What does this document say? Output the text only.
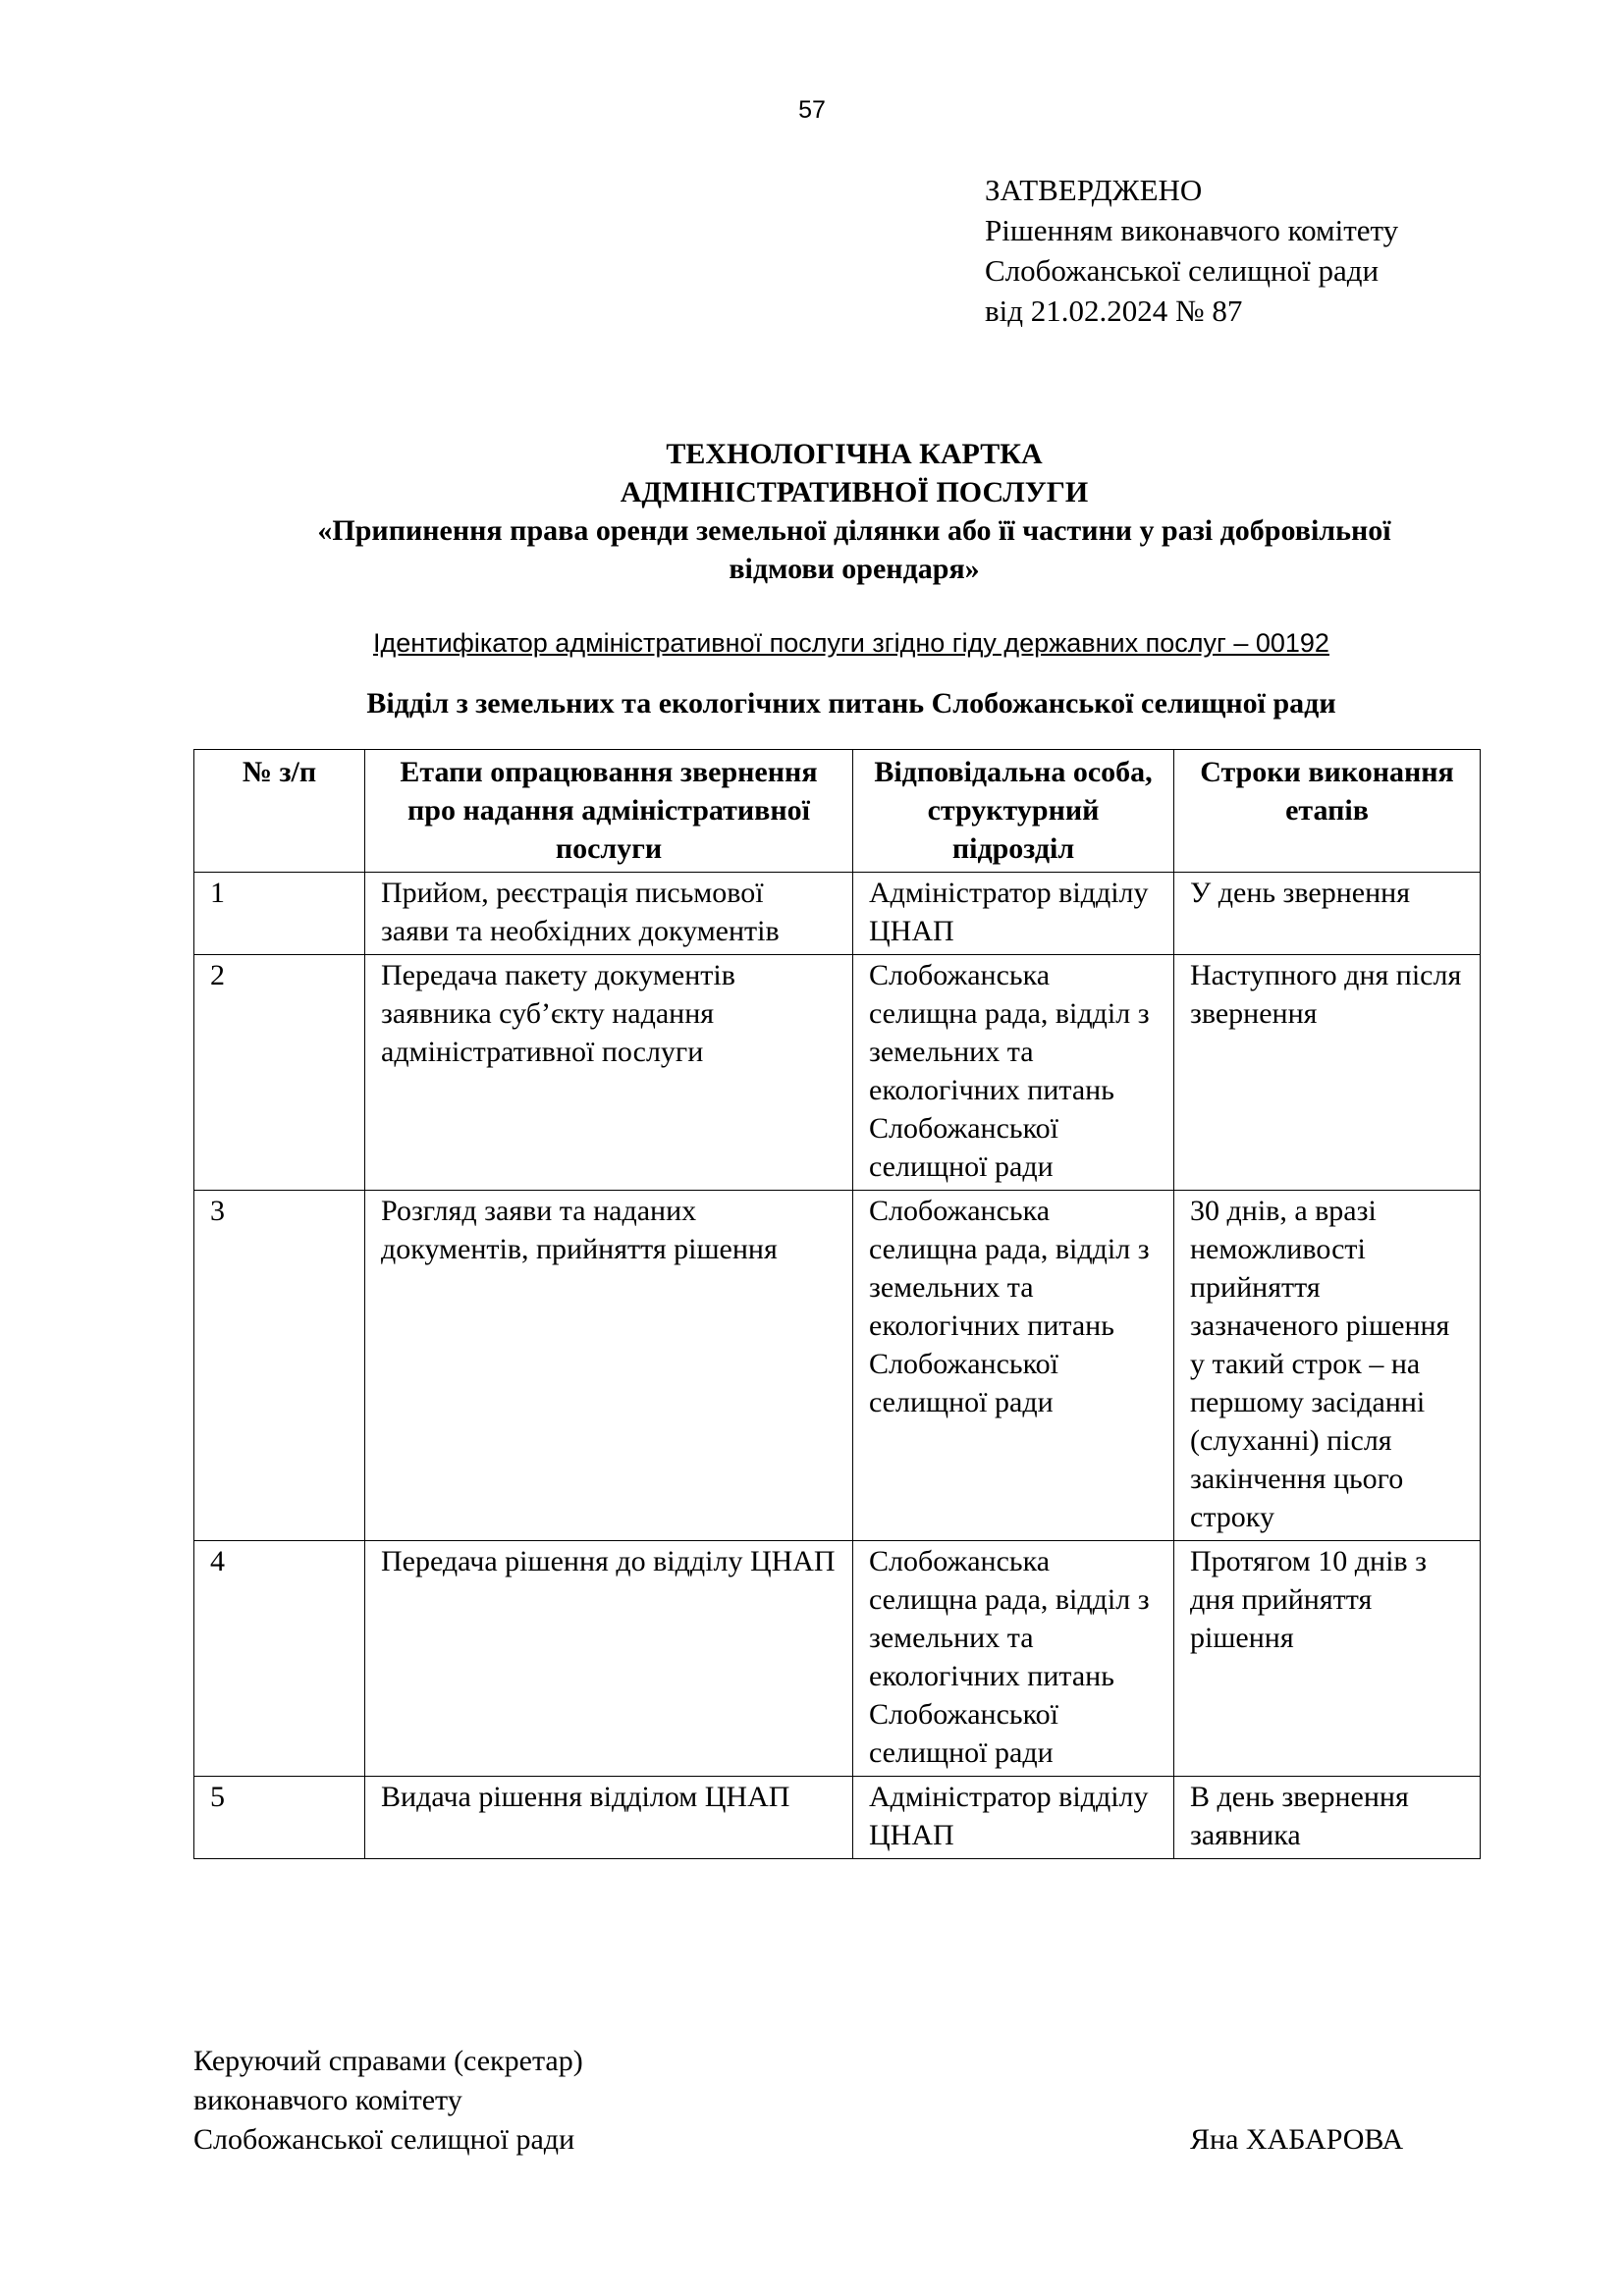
57
ЗАТВЕРДЖЕНО
Рішенням виконавчого комітету
Слобожанської селищної ради
від 21.02.2024 № 87
ТЕХНОЛОГІЧНА КАРТКА
АДМІНІСТРАТИВНОЇ ПОСЛУГИ
«Припинення права оренди земельної ділянки або її частини у разі добровільної
відмови орендаря»
Ідентифікатор адміністративної послуги згідно гіду державних послуг – 00192
Відділ з земельних та екологічних питань Слобожанської селищної ради
№ з/п	Етапи опрацювання звернення про надання адміністративної послуги	Відповідальна особа, структурний підрозділ	Строки виконання етапів
1	Прийом, реєстрація письмової заяви та необхідних документів	Адміністратор відділу ЦНАП	У день звернення
2	Передача пакету документів заявника суб’єкту надання адміністративної послуги	Слобожанська селищна рада, відділ з земельних та екологічних питань Слобожанської селищної ради	Наступного дня після звернення
3	Розгляд заяви та наданих документів, прийняття рішення	Слобожанська селищна рада, відділ з земельних та екологічних питань Слобожанської селищної ради	30 днів, а вразі неможливості прийняття зазначеного рішення у такий строк – на першому засіданні (слуханні) після закінчення цього строку
4	Передача рішення до відділу ЦНАП	Слобожанська селищна рада, відділ з земельних та екологічних питань Слобожанської селищної ради	Протягом 10 днів з дня прийняття рішення
5	Видача рішення відділом ЦНАП	Адміністратор відділу ЦНАП	В день звернення заявника
Керуючий справами (секретар)
виконавчого комітету
Слобожанської селищної ради	Яна ХАБАРОВА
